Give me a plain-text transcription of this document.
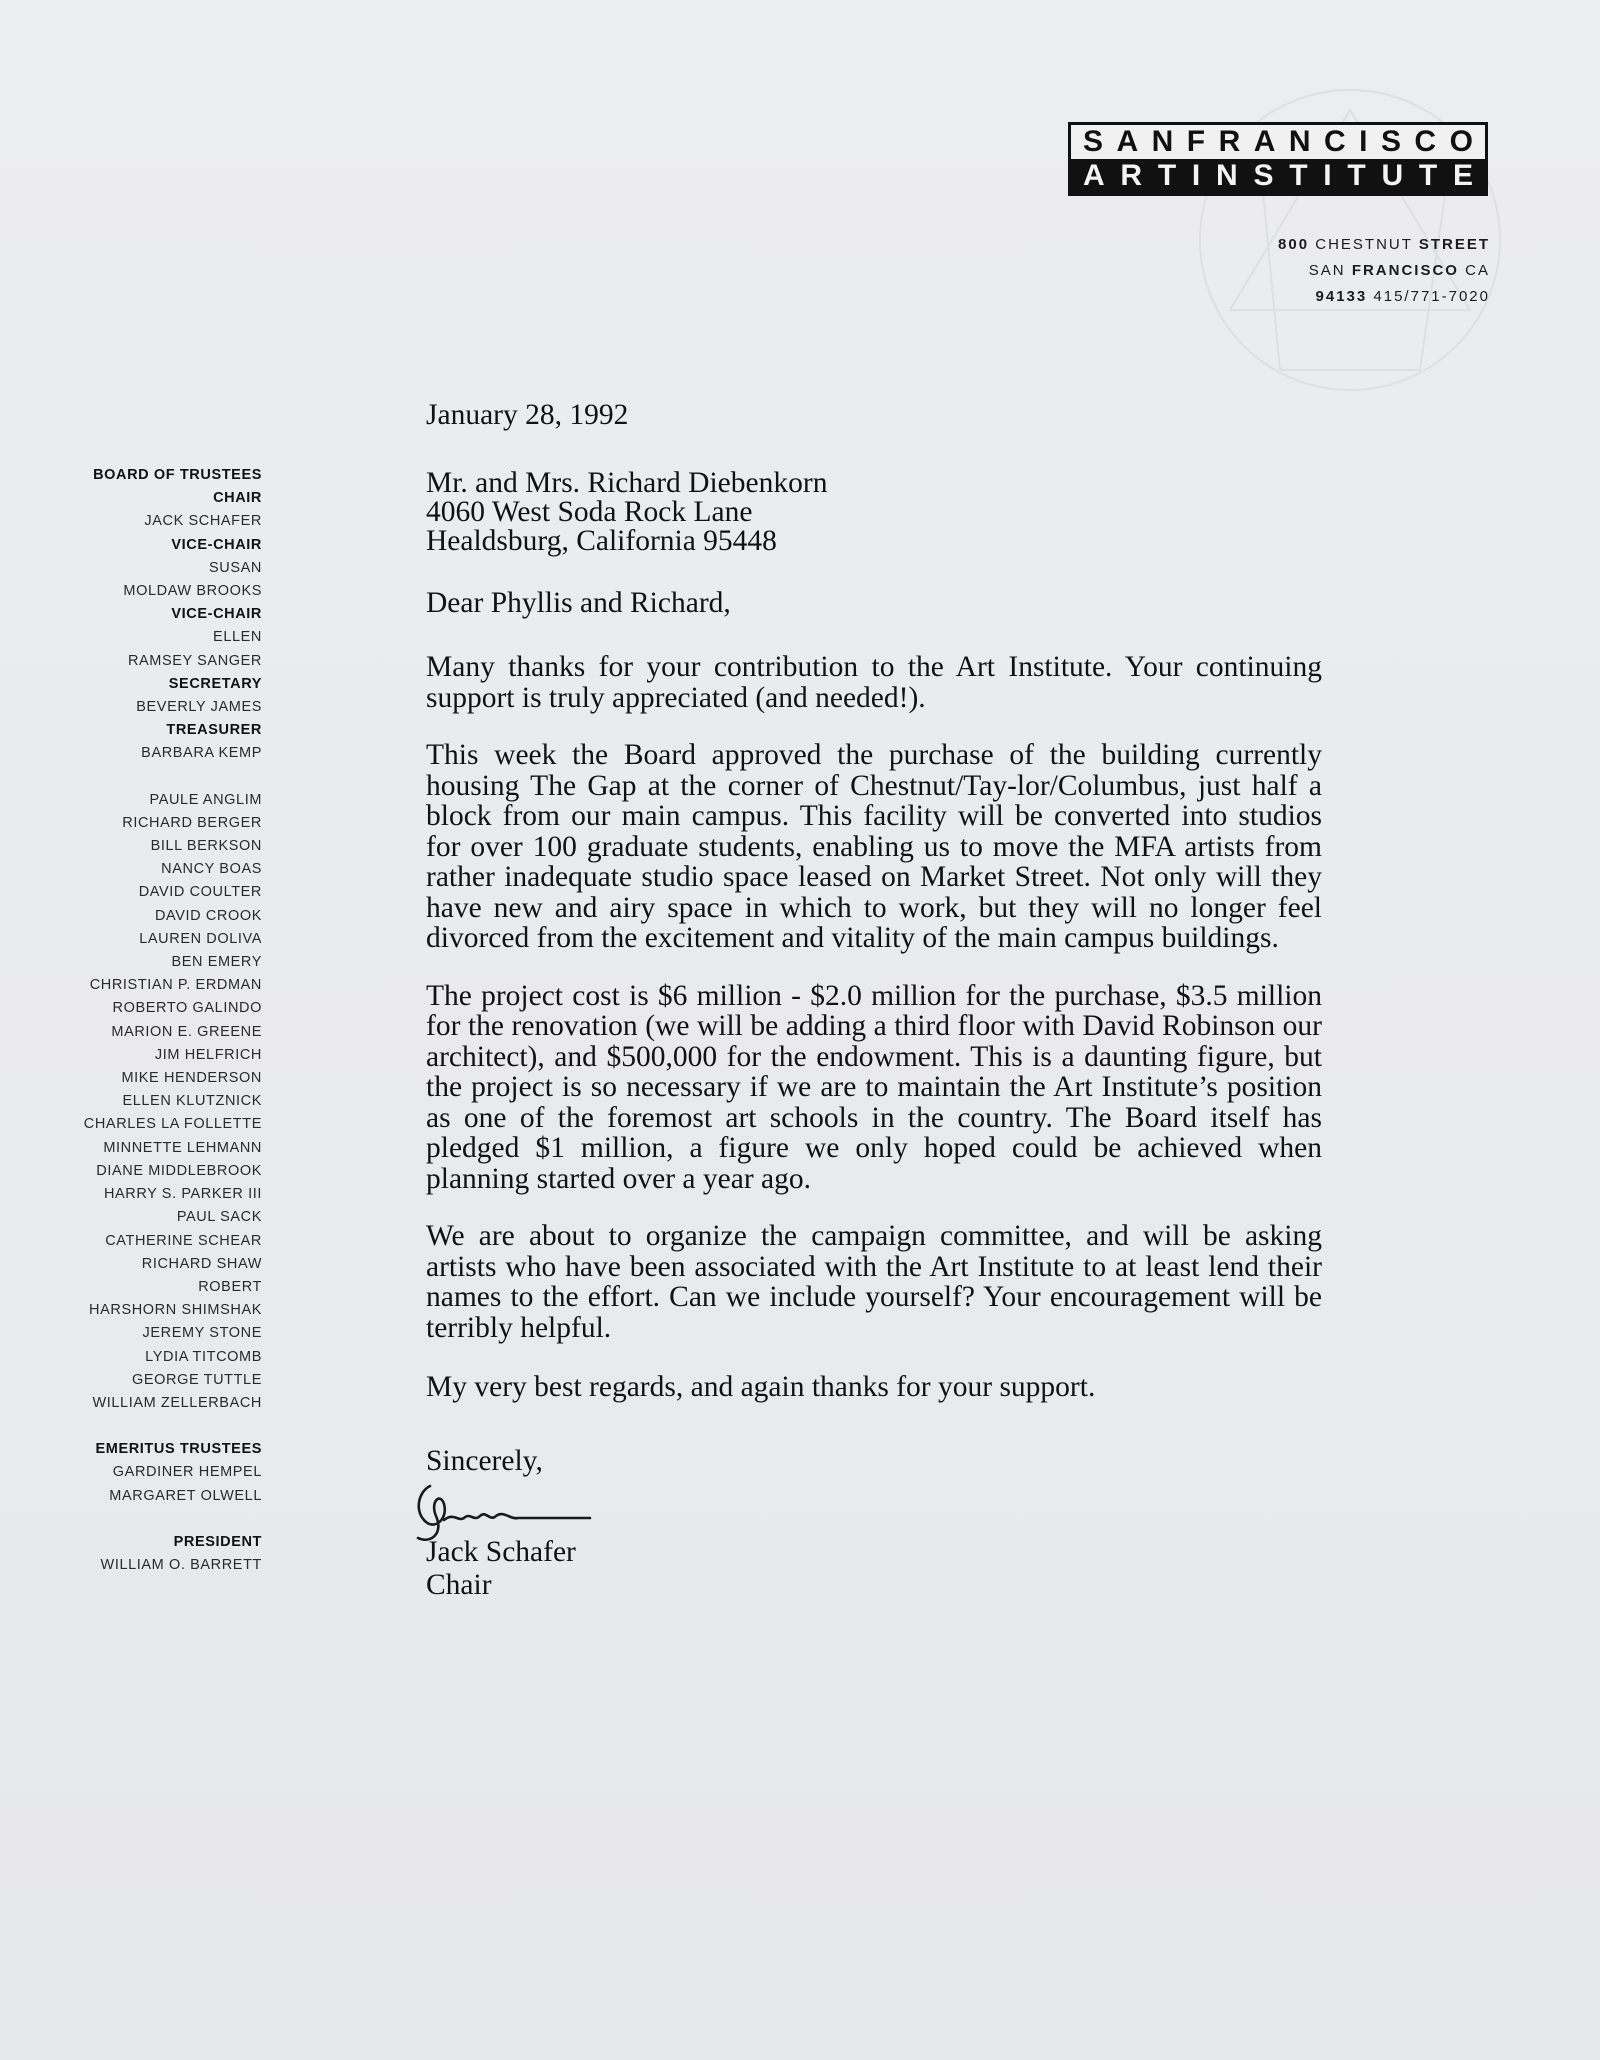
S A N F R A N C I S C O
A R T I N S T I T U T E
800 CHESTNUT STREET
SAN FRANCISCO CA
94133 415/771-7020
BOARD OF TRUSTEES
CHAIR
JACK SCHAFER
VICE-CHAIR
SUSAN
MOLDAW BROOKS
VICE-CHAIR
ELLEN
RAMSEY SANGER
SECRETARY
BEVERLY JAMES
TREASURER
BARBARA KEMP
PAULE ANGLIM
RICHARD BERGER
BILL BERKSON
NANCY BOAS
DAVID COULTER
DAVID CROOK
LAUREN DOLIVA
BEN EMERY
CHRISTIAN P. ERDMAN
ROBERTO GALINDO
MARION E. GREENE
JIM HELFRICH
MIKE HENDERSON
ELLEN KLUTZNICK
CHARLES LA FOLLETTE
MINNETTE LEHMANN
DIANE MIDDLEBROOK
HARRY S. PARKER III
PAUL SACK
CATHERINE SCHEAR
RICHARD SHAW
ROBERT
HARSHORN SHIMSHAK
JEREMY STONE
LYDIA TITCOMB
GEORGE TUTTLE
WILLIAM ZELLERBACH
EMERITUS TRUSTEES
GARDINER HEMPEL
MARGARET OLWELL
PRESIDENT
WILLIAM O. BARRETT

January 28, 1992

Mr. and Mrs. Richard Diebenkorn
4060 West Soda Rock Lane
Healdsburg, California 95448
Dear Phyllis and Richard,

Many thanks for your contribution to the Art Institute. Your continuing support is truly appreciated (and needed!).

This week the Board approved the purchase of the building currently housing The Gap at the corner of Chestnut/Tay-lor/Columbus, just half a block from our main campus. This facility will be converted into studios for over 100 graduate students, enabling us to move the MFA artists from rather inadequate studio space leased on Market Street. Not only will they have new and airy space in which to work, but they will no longer feel divorced from the excitement and vitality of the main campus buildings.

The project cost is $6 million - $2.0 million for the purchase, $3.5 million for the renovation (we will be adding a third floor with David Robinson our architect), and $500,000 for the endowment. This is a daunting figure, but the project is so necessary if we are to maintain the Art Institute’s position as one of the foremost art schools in the country. The Board itself has pledged $1 million, a figure we only hoped could be achieved when planning started over a year ago.

We are about to organize the campaign committee, and will be asking artists who have been associated with the Art Institute to at least lend their names to the effort. Can we include yourself? Your encouragement will be terribly helpful.

My very best regards, and again thanks for your support.
Sincerely,
Jack Schafer
Chair
